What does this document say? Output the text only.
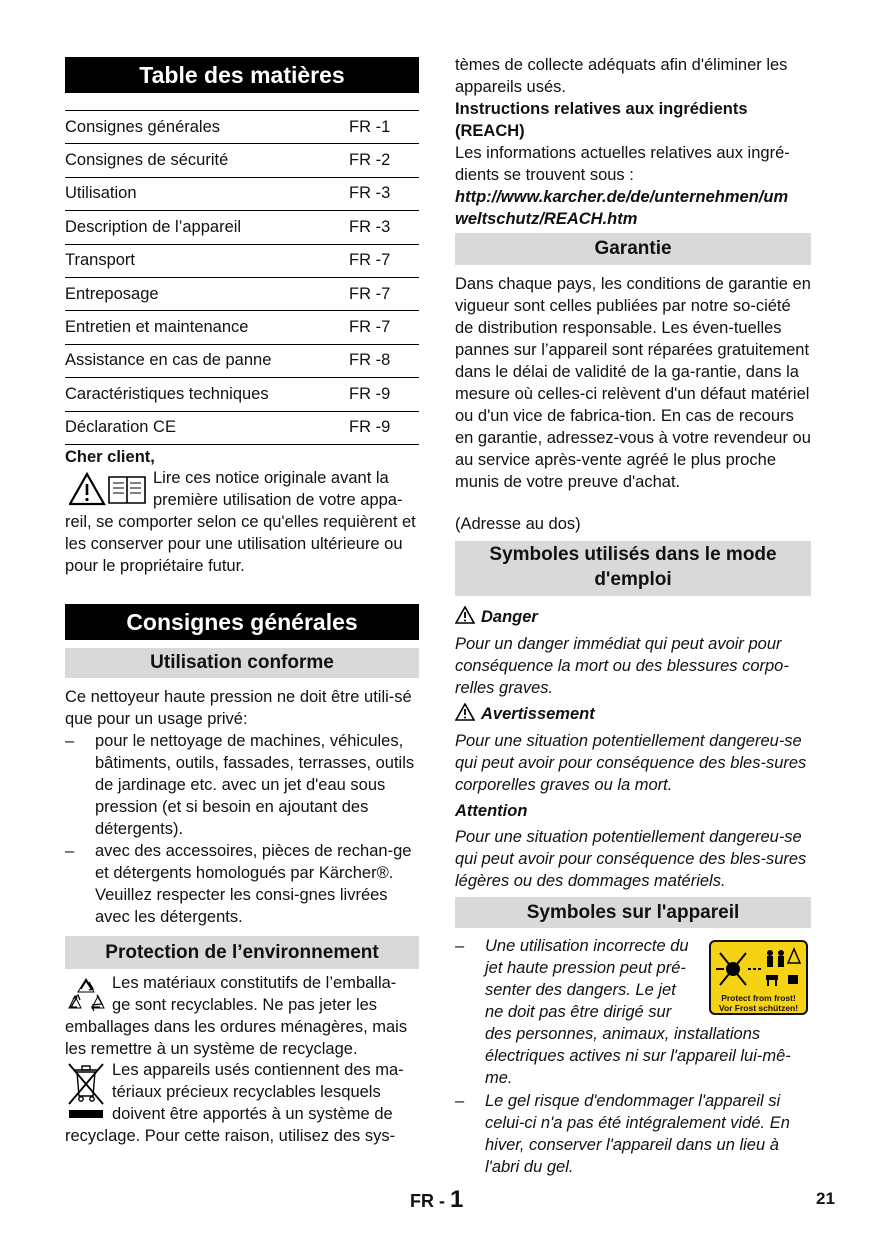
Table des matières
Consignes générales	FR -1
Consignes de sécurité	FR -2
Utilisation	FR -3
Description de l’appareil	FR -3
Transport	FR -7
Entreposage	FR -7
Entretien et maintenance	FR -7
Assistance en cas de panne	FR -8
Caractéristiques techniques	FR -9
Déclaration CE	FR -9
Cher client,
Lire ces notice originale avant la
première utilisation de votre appa-
reil, se comporter selon ce qu'elles requièrent et les conserver pour une utilisation ultérieure ou pour le propriétaire futur.
Consignes générales
Utilisation conforme
Ce nettoyeur haute pression ne doit être utili-sé que pour un usage privé:
– pour le nettoyage de machines, véhicules, bâtiments, outils, fassades, terrasses, outils de jardinage etc. avec un jet d'eau sous pression (et si besoin en ajoutant des détergents).
– avec des accessoires, pièces de rechan-ge et détergents homologués par Kärcher®. Veuillez respecter les consi-gnes livrées avec les détergents.
Protection de l’environnement
Les matériaux constitutifs de l’emballa-
ge sont recyclables. Ne pas jeter les
emballages dans les ordures ménagères, mais les remettre à un système de recyclage.
Les appareils usés contiennent des ma-
tériaux précieux recyclables lesquels
doivent être apportés à un système de
recyclage. Pour cette raison, utilisez des sys-
tèmes de collecte adéquats afin d'éliminer les appareils usés.
Instructions relatives aux ingrédients (REACH)
Les informations actuelles relatives aux ingré-dients se trouvent sous :
http://www.karcher.de/de/unternehmen/umweltschutz/REACH.htm
Garantie
Dans chaque pays, les conditions de garantie en vigueur sont celles publiées par notre so-ciété de distribution responsable. Les éven-tuelles pannes sur l’appareil sont réparées gratuitement dans le délai de validité de la ga-rantie, dans la mesure où celles-ci relèvent d'un défaut matériel ou d'un vice de fabrica-tion. En cas de recours en garantie, adressez-vous à votre revendeur ou au service après-vente agréé le plus proche munis de votre preuve d'achat.
(Adresse au dos)
Symboles utilisés dans le mode d'emploi
Danger
Pour un danger immédiat qui peut avoir pour conséquence la mort ou des blessures corpo-relles graves.
Avertissement
Pour une situation potentiellement dangereu-se qui peut avoir pour conséquence des bles-sures corporelles graves ou la mort.
Attention
Pour une situation potentiellement dangereu-se qui peut avoir pour conséquence des bles-sures légères ou des dommages matériels.
Symboles sur l'appareil
– Une utilisation incorrecte du
jet haute pression peut pré-
senter des dangers. Le jet
ne doit pas être dirigé sur
des personnes, animaux, installations électriques actives ni sur l'appareil lui-mê-me.
Protect from frost!
Vor Frost schützen!
– Le gel risque d'endommager l'appareil si celui-ci n'a pas été intégralement vidé. En hiver, conserver l'appareil dans un lieu à l'abri du gel.
FR - 1	21
